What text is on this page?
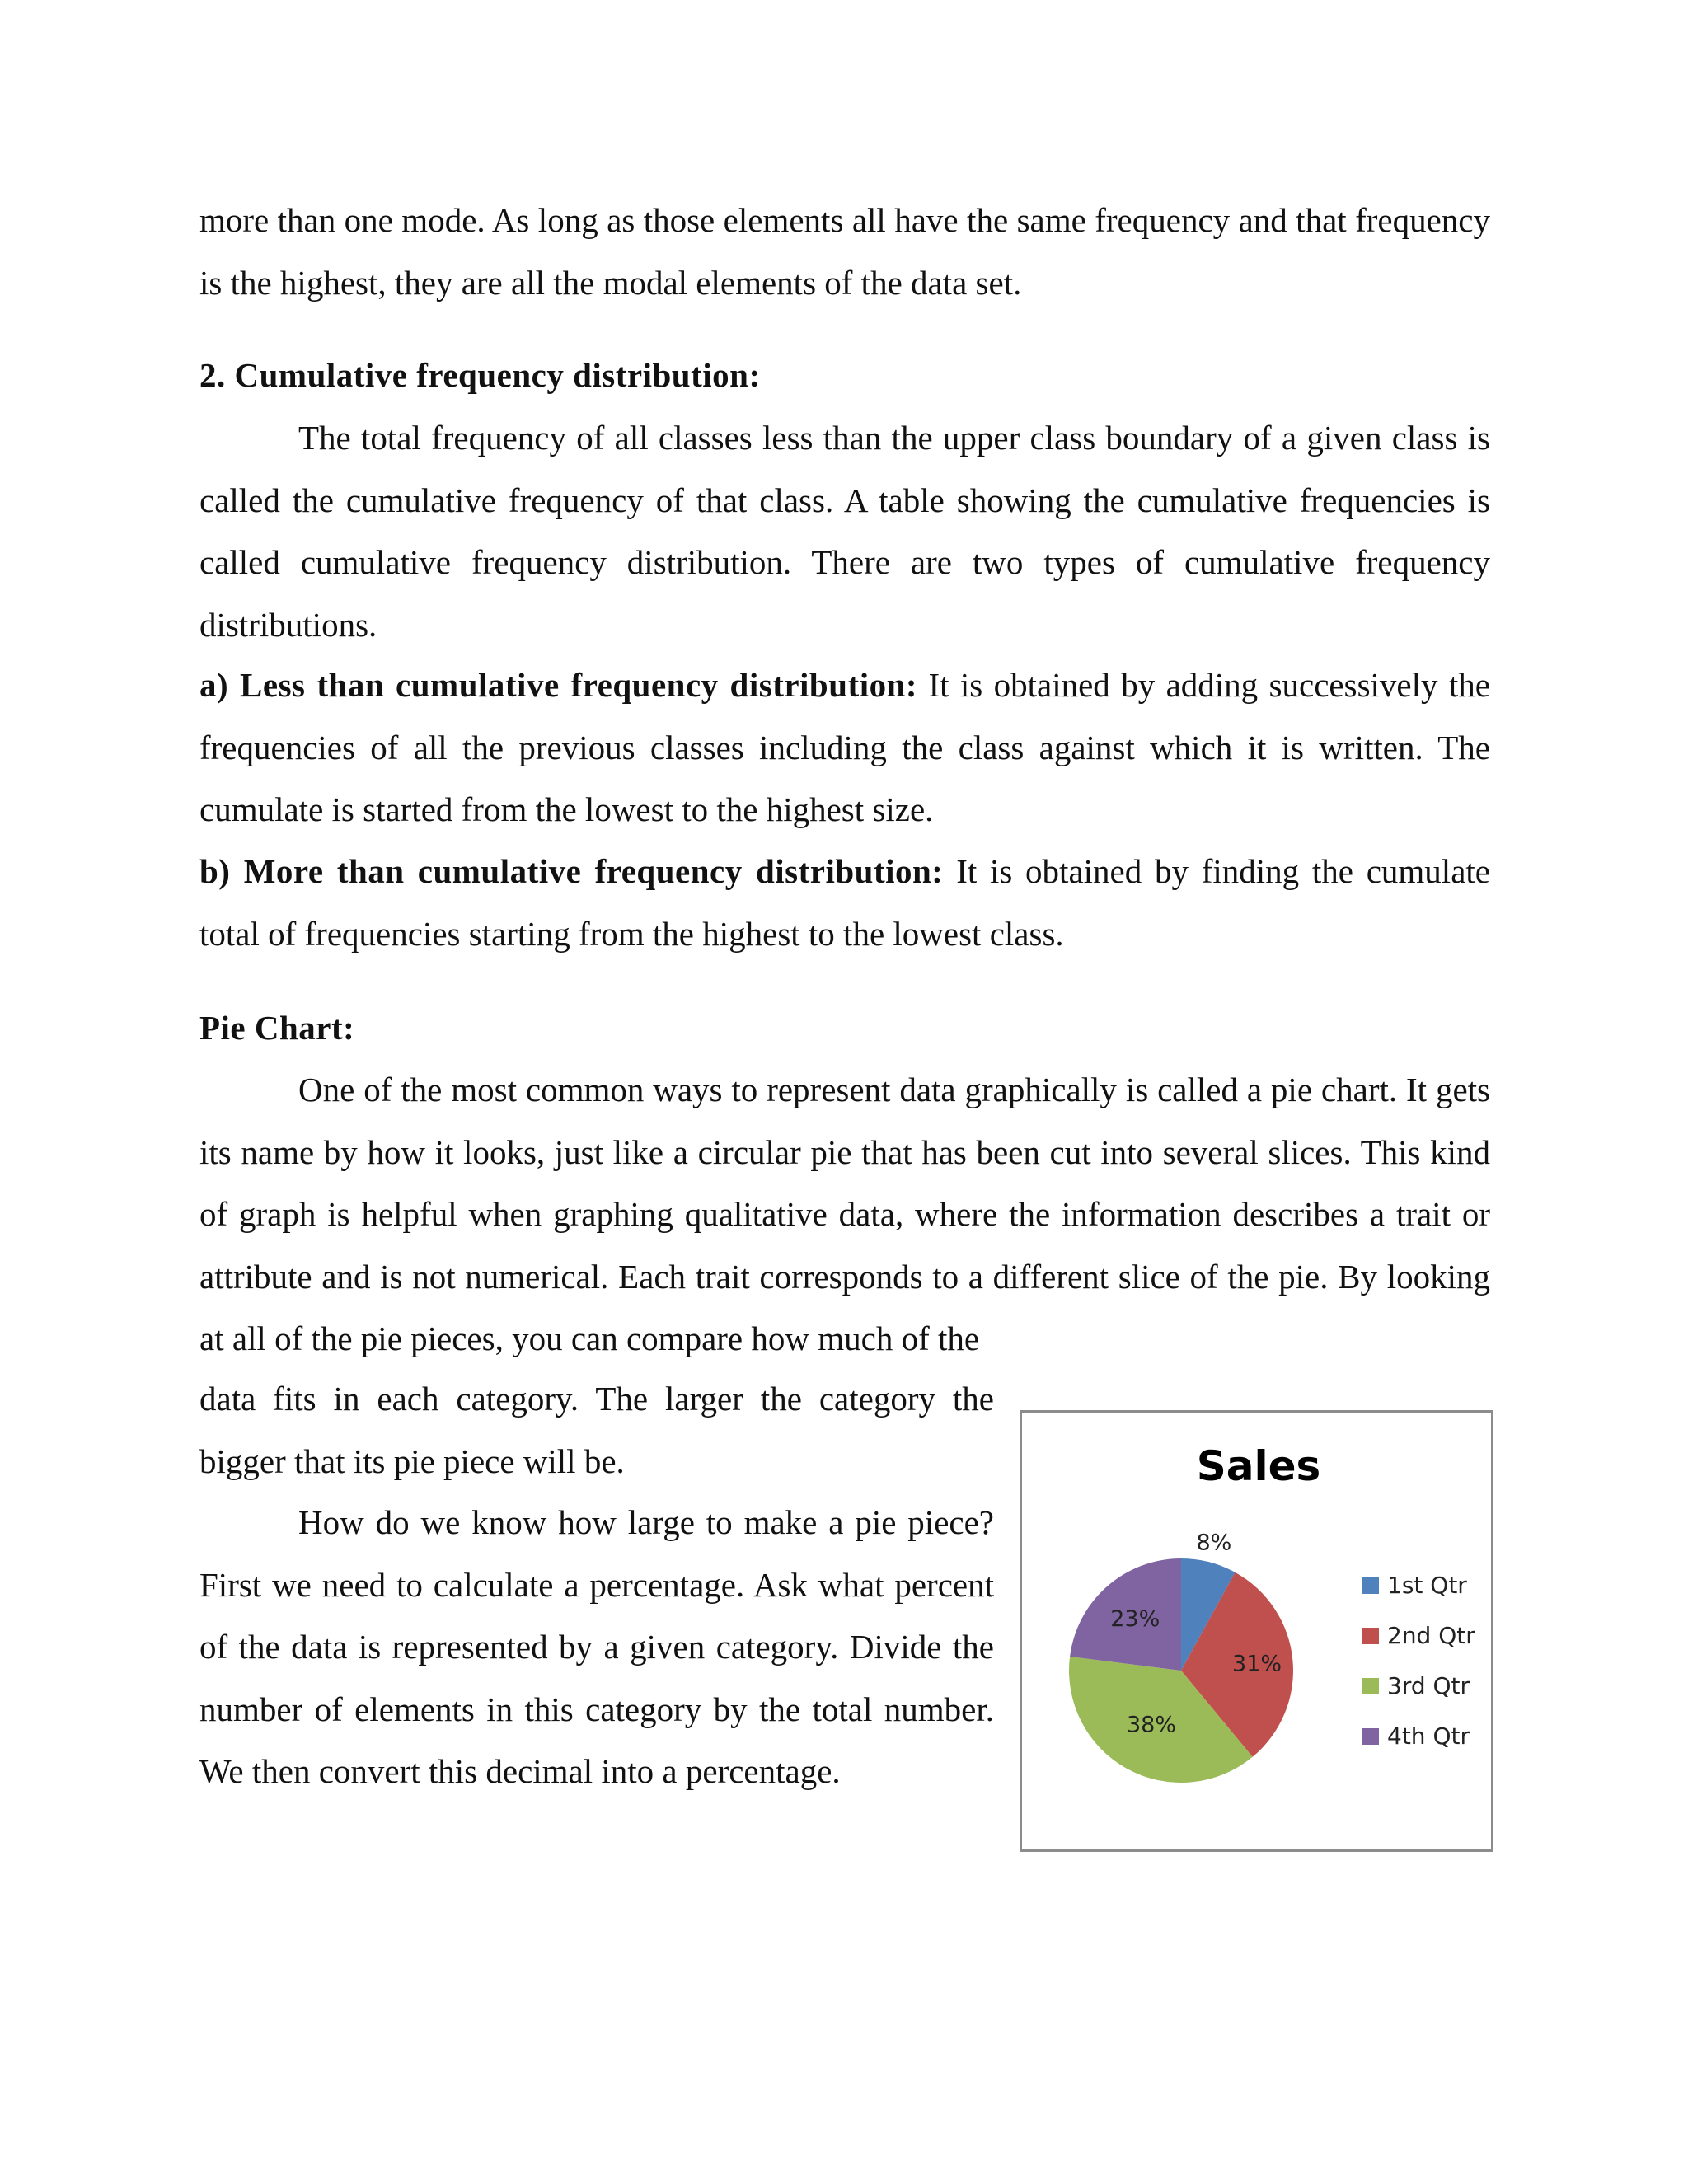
more than one mode. As long as those elements all have the same frequency and that frequency is the highest, they are all the modal elements of the data set.

2. Cumulative frequency distribution:

The total frequency of all classes less than the upper class boundary of a given class is called the cumulative frequency of that class. A table showing the cumulative frequencies is called cumulative frequency distribution. There are two types of cumulative frequency distributions.

a) Less than cumulative frequency distribution: It is obtained by adding successively the frequencies of all the previous classes including the class against which it is written. The cumulate is started from the lowest to the highest size.

b) More than cumulative frequency distribution: It is obtained by finding the cumulate total of frequencies starting from the highest to the lowest class.

Pie Chart:

One of the most common ways to represent data graphically is called a pie chart. It gets its name by how it looks, just like a circular pie that has been cut into several slices. This kind of graph is helpful when graphing qualitative data, where the information describes a trait or attribute and is not numerical. Each trait corresponds to a different slice of the pie. By looking at all of the pie pieces, you can compare how much of the

data fits in each category. The larger the category the bigger that its pie piece will be.

How do we know how large to make a pie piece? First we need to calculate a percentage. Ask what percent of the data is represented by a given category. Divide the number of elements in this category by the total number. We then convert this decimal into a percentage.

Sales
8%
31%
38%
23%
1st Qtr
2nd Qtr
3rd Qtr
4th Qtr
